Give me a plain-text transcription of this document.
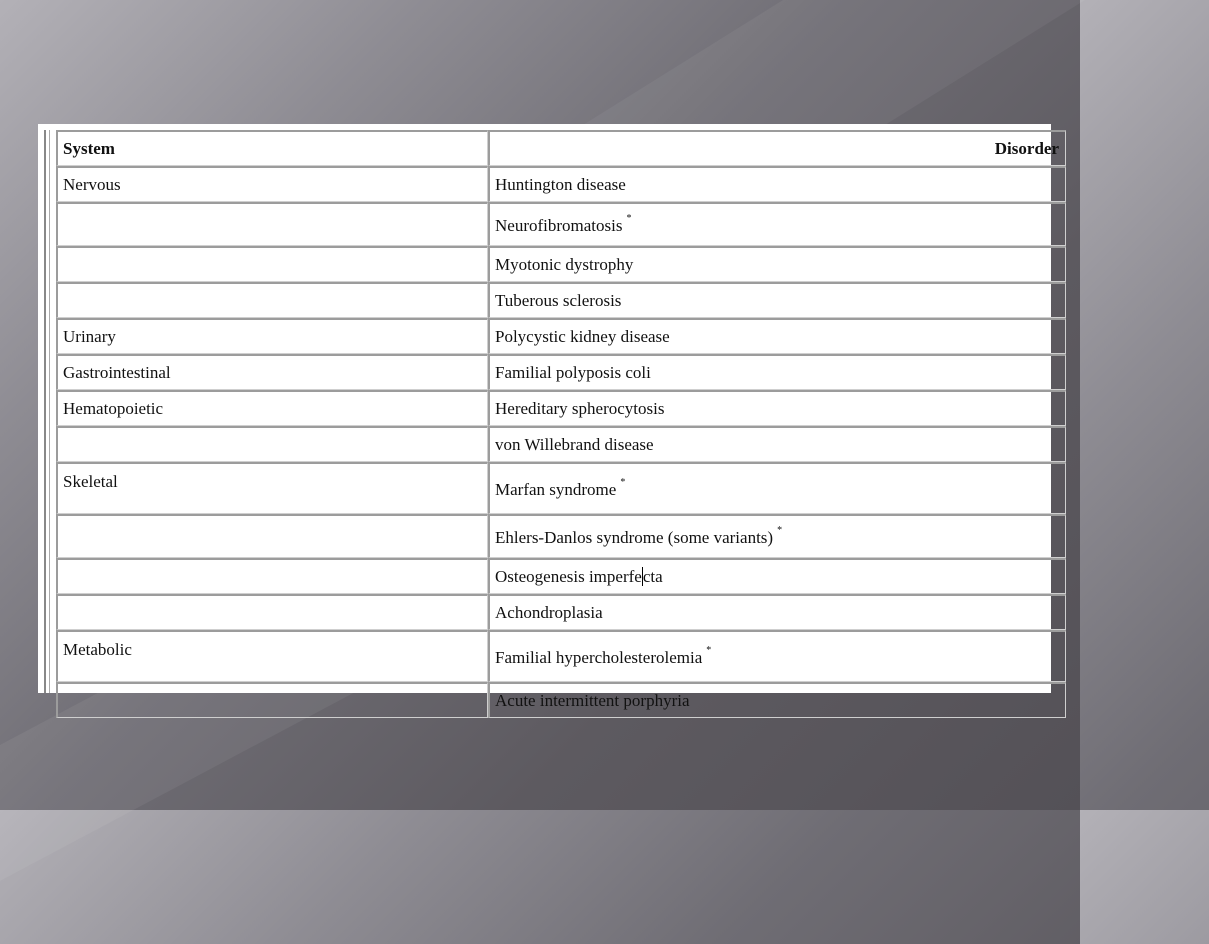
System	Disorder
Nervous	Huntington disease
	Neurofibromatosis *
	Myotonic dystrophy
	Tuberous sclerosis
Urinary	Polycystic kidney disease
Gastrointestinal	Familial polyposis coli
Hematopoietic	Hereditary spherocytosis
	von Willebrand disease
Skeletal	Marfan syndrome *
	Ehlers-Danlos syndrome (some variants) *
	Osteogenesis imperfecta
	Achondroplasia
Metabolic	Familial hypercholesterolemia *
	Acute intermittent porphyria
